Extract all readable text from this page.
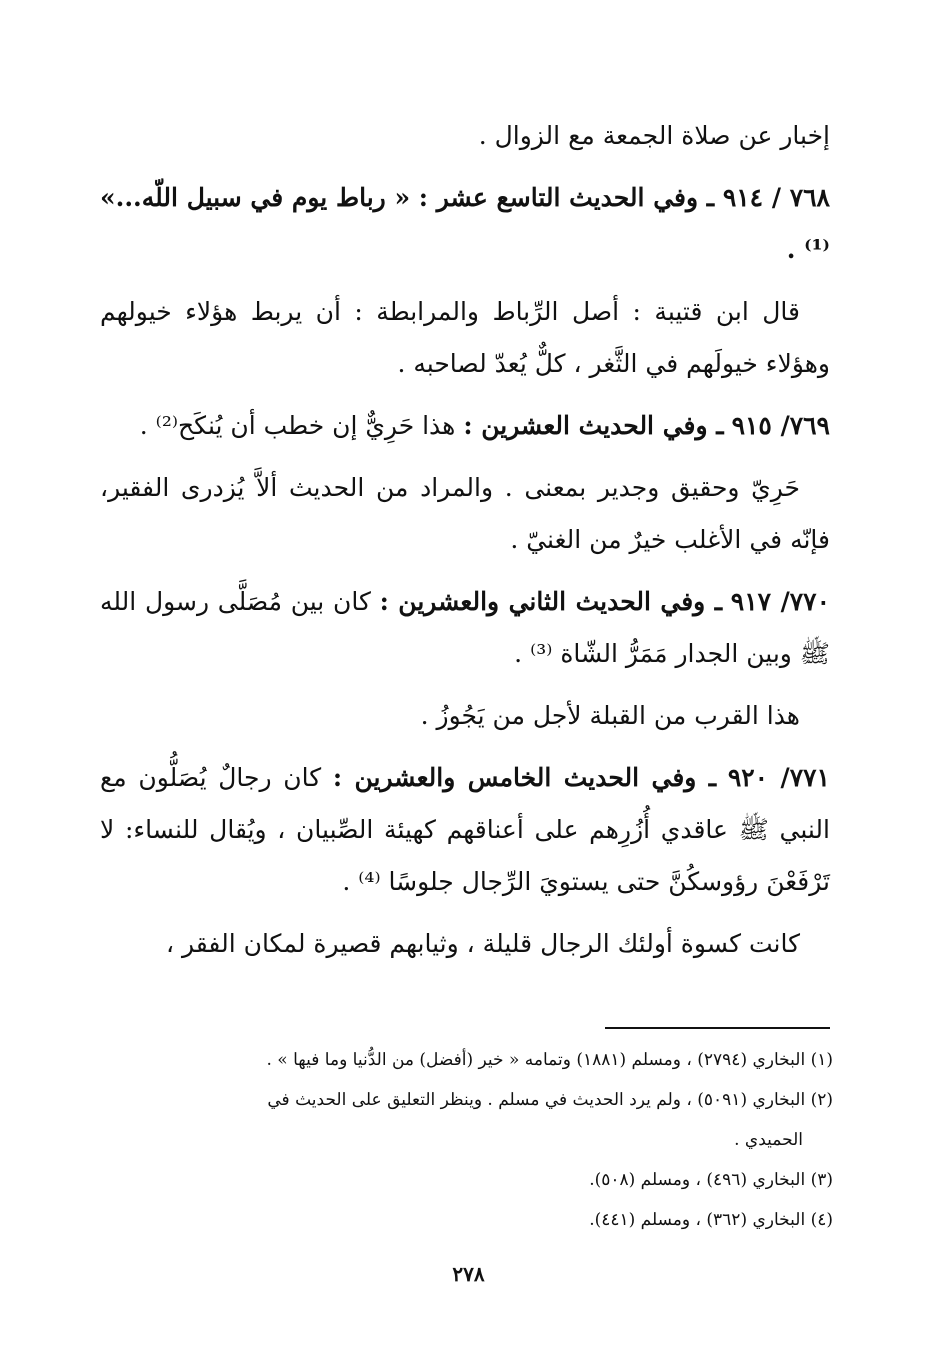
إخبار عن صلاة الجمعة مع الزوال .

٧٦٨ / ٩١٤ ـ وفي الحديث التاسع عشر : « رباط يوم في سبيل اللّه...» ⁽¹⁾ .

قال ابن قتيبة : أصل الرِّباط والمرابطة : أن يربط هؤلاء خيولهم وهؤلاء خيولَهم في الثَّغر ، كلٌّ يُعدّ لصاحبه .

٧٦٩/ ٩١٥ ـ وفي الحديث العشرين : هذا حَرِيٌّ إن خطب أن يُنكَح⁽²⁾ .

حَرِيّ وحقيق وجدير بمعنى . والمراد من الحديث ألاَّ يُزدرى الفقير، فإنّه في الأغلب خيرٌ من الغنيّ .

٧٧٠/ ٩١٧ ـ وفي الحديث الثاني والعشرين : كان بين مُصَلَّى رسول الله ﷺ وبين الجدار مَمَرُّ الشّاة ⁽³⁾ .

هذا القرب من القبلة لأجل من يَجُوزُ .

٧٧١/ ٩٢٠ ـ وفي الحديث الخامس والعشرين : كان رجالٌ يُصَلُّون مع النبي ﷺ عاقدي أُزُرِهم على أعناقهم كهيئة الصِّبيان ، ويُقال للنساء: لا تَرْفَعْنَ رؤوسكُنَّ حتى يستويَ الرِّجال جلوسًا ⁽⁴⁾ .

كانت كسوة أولئك الرجال قليلة ، وثيابهم قصيرة لمكان الفقر ،

(١) البخاري (٢٧٩٤) ، ومسلم (١٨٨١) وتمامه « خير (أفضل) من الدُّنيا وما فيها » .

(٢) البخاري (٥٠٩١) ، ولم يرد الحديث في مسلم . وينظر التعليق على الحديث في

الحميدي .

(٣) البخاري (٤٩٦) ، ومسلم (٥٠٨).

(٤) البخاري (٣٦٢) ، ومسلم (٤٤١).

٢٧٨
